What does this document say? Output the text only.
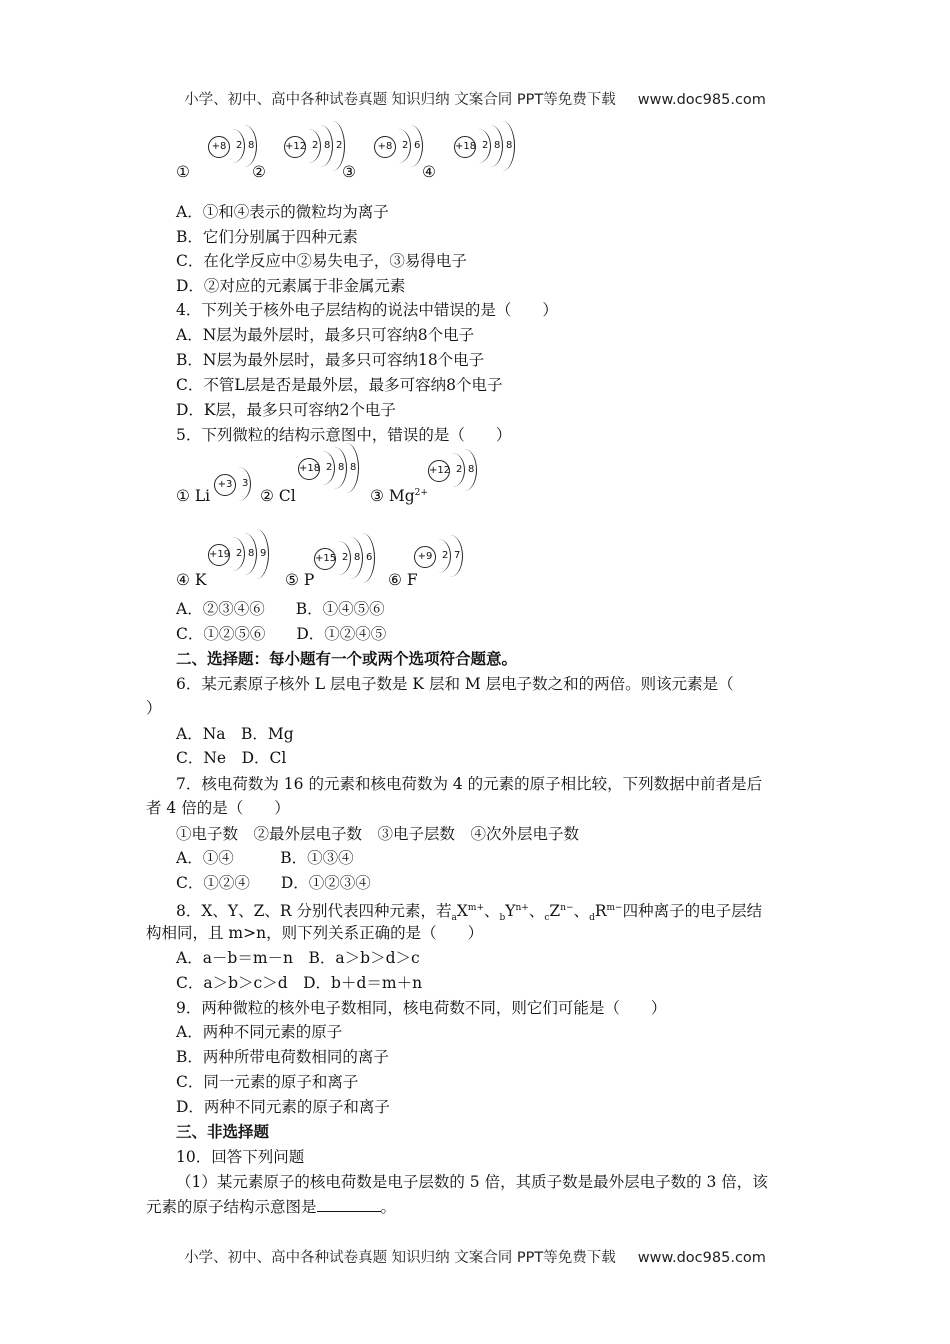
小学、初中、高中各种试卷真题 知识归纳 文案合同 PPT等免费下载 www.doc985.com
+8 2 8
①
+12 2 8 2
②
+8 2 6
③
+18 2 8 8
④
A．①和④表示的微粒均为离子
B．它们分别属于四种元素
C．在化学反应中②易失电子，③易得电子
D．②对应的元素属于非金属元素
4．下列关于核外电子层结构的说法中错误的是（　　）
A．N层为最外层时，最多只可容纳8个电子
B．N层为最外层时，最多只可容纳18个电子
C．不管L层是否是最外层，最多可容纳8个电子
D．K层，最多只可容纳2个电子
5．下列微粒的结构示意图中，错误的是（　　）
+3 3
① Li
+18 2 8 8
② Cl
+12 2 8
③ $Mg^{2+}$
+19 2 8 9
④ K
+15 2 8 6
⑤ P
+9 2 7
⑥ F
A．②③④⑥　　B．①④⑤⑥
C．①②⑤⑥　　D．①②④⑤
二、选择题：每小题有一个或两个选项符合题意。
6．某元素原子核外 L 层电子数是 K 层和 M 层电子数之和的两倍。则该元素是（
）
A．Na　B．Mg
C．Ne　D．Cl
7．核电荷数为 16 的元素和核电荷数为 4 的元素的原子相比较，下列数据中前者是后
者 4 倍的是（　　）
①电子数　②最外层电子数　③电子层数　④次外层电子数
A．①④　　　B．①③④
C．①②④　　D．①②③④
8．X、Y、Z、R 分别代表四种元素，若$_aX^{m+}$、$_bY^{n+}$、$_cZ^{n-}$、$_dR^{m-}$四种离子的电子层结
构相同，且 m>n，则下列关系正确的是（　　）
A．a－b＝m－n　B．a＞b＞d＞c
C．a＞b＞c＞d　D．b＋d＝m＋n
9．两种微粒的核外电子数相同，核电荷数不同，则它们可能是（　　）
A．两种不同元素的原子
B．两种所带电荷数相同的离子
C．同一元素的原子和离子
D．两种不同元素的原子和离子
三、非选择题
10．回答下列问题
（1）某元素原子的核电荷数是电子层数的 5 倍，其质子数是最外层电子数的 3 倍，该
元素的原子结构示意图是	。
小学、初中、高中各种试卷真题 知识归纳 文案合同 PPT等免费下载 www.doc985.com
